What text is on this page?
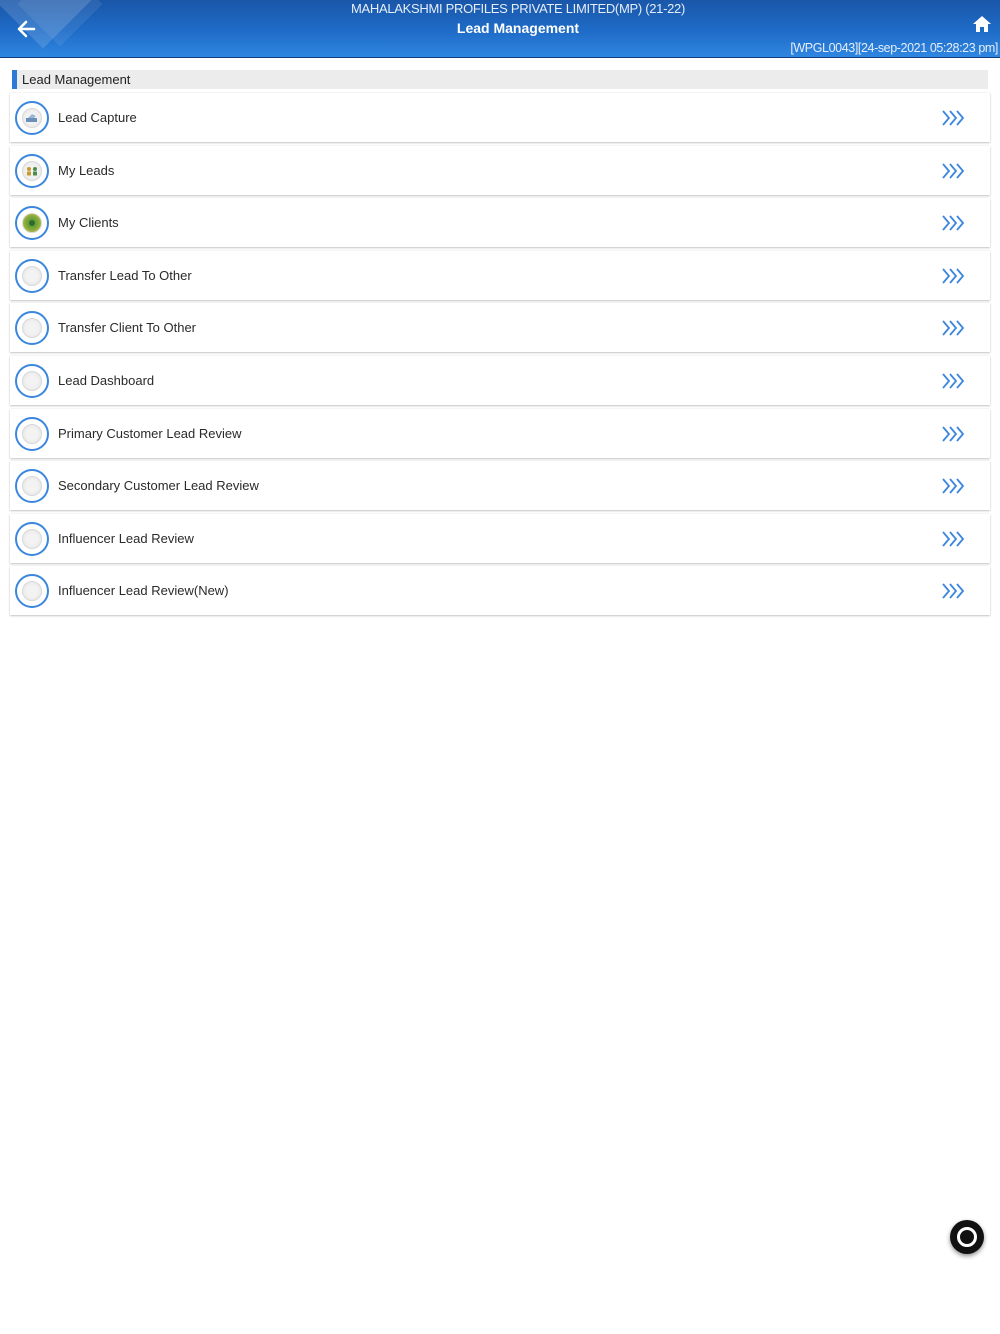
MAHALAKSHMI PROFILES PRIVATE LIMITED(MP) (21-22)
Lead Management
[WPGL0043][24-sep-2021 05:28:23 pm]
Lead Management
Lead Capture
My Leads
My Clients
Transfer Lead To Other
Transfer Client To Other
Lead Dashboard
Primary Customer Lead Review
Secondary Customer Lead Review
Influencer Lead Review
Influencer Lead Review(New)
